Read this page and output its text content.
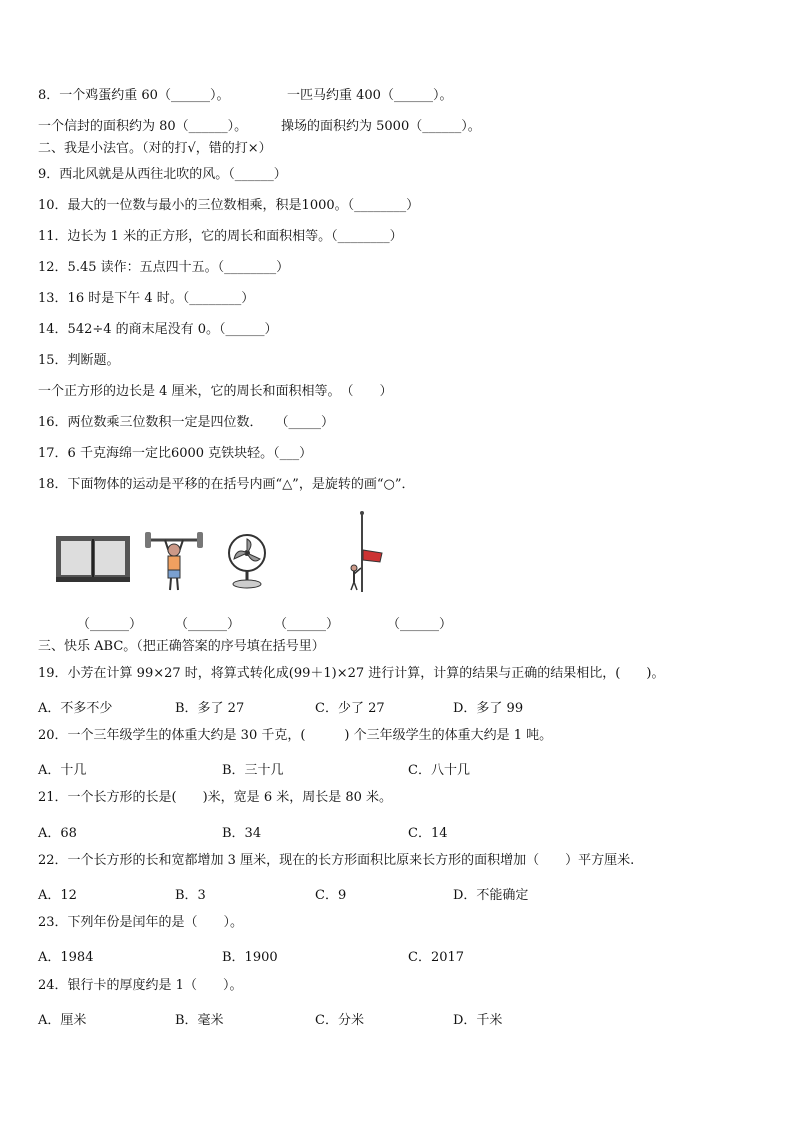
8．一个鸡蛋约重 60（______）。	一匹马约重 400（______）。
一个信封的面积约为 80（______）。	操场的面积约为 5000（______）。
二、我是小法官。（对的打√，错的打×）
9．西北风就是从西往北吹的风。（______）
10．最大的一位数与最小的三位数相乘，积是1000。（________）
11．边长为 1 米的正方形，它的周长和面积相等。（________）
12．5.45 读作：五点四十五。（________）
13．16 时是下午 4 时。（________）
14．542÷4 的商末尾没有 0。（______）
15．判断题。
一个正方形的边长是 4 厘米，它的周长和面积相等。　（　　）
16．两位数乘三位数积一定是四位数．　　（_____）
17．6 千克海绵一定比6000 克铁块轻。（___）
18．下面物体的运动是平移的在括号内画“△”，是旋转的画“○”．
（______）	（______）	（______）	（______）
三、快乐 ABC。（把正确答案的序号填在括号里）
19．小芳在计算 99×27 时，将算式转化成(99＋1)×27 进行计算，计算的结果与正确的结果相比，(　　)。
A．不多不少	B．多了 27	C．少了 27	D．多了 99
20．一个三年级学生的体重大约是 30 千克，(　　　) 个三年级学生的体重大约是 1 吨。
A．十几	B．三十几	C．八十几
21．一个长方形的长是(　　)米，宽是 6 米，周长是 80 米。
A．68	B．34	C．14
22．一个长方形的长和宽都增加 3 厘米，现在的长方形面积比原来长方形的面积增加（　　）平方厘米.
A．12	B．3	C．9	D．不能确定
23．下列年份是闰年的是（　　）。
A．1984	B．1900	C．2017
24．银行卡的厚度约是 1（　　）。
A．厘米	B．毫米	C．分米	D．千米
